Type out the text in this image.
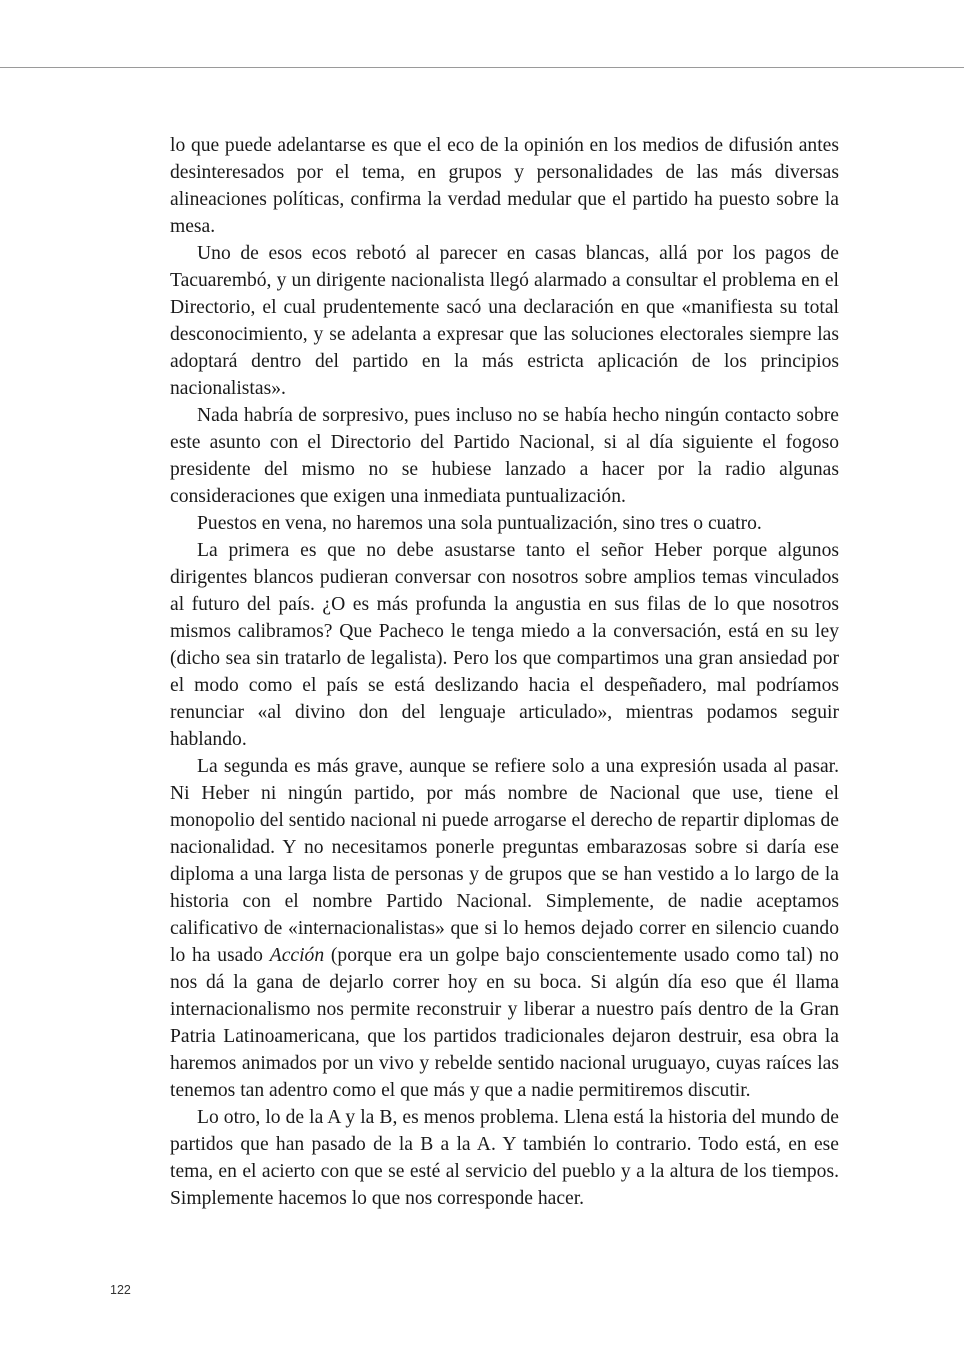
lo que puede adelantarse es que el eco de la opinión en los medios de difusión antes desinteresados por el tema, en grupos y personalidades de las más diversas alineaciones políticas, confirma la verdad medular que el partido ha puesto sobre la mesa.

Uno de esos ecos rebotó al parecer en casas blancas, allá por los pagos de Tacuarembó, y un dirigente nacionalista llegó alarmado a consultar el problema en el Directorio, el cual prudentemente sacó una declaración en que «manifiesta su total desconocimiento, y se adelanta a expresar que las soluciones electorales siempre las adoptará dentro del partido en la más estricta aplicación de los principios nacionalistas».

Nada habría de sorpresivo, pues incluso no se había hecho ningún contacto sobre este asunto con el Directorio del Partido Nacional, si al día siguiente el fogoso presidente del mismo no se hubiese lanzado a hacer por la radio algunas consideraciones que exigen una inmediata puntualización.

Puestos en vena, no haremos una sola puntualización, sino tres o cuatro.

La primera es que no debe asustarse tanto el señor Heber porque algunos dirigentes blancos pudieran conversar con nosotros sobre amplios temas vinculados al futuro del país. ¿O es más profunda la angustia en sus filas de lo que nosotros mismos calibramos? Que Pacheco le tenga miedo a la conversación, está en su ley (dicho sea sin tratarlo de legalista). Pero los que compartimos una gran ansiedad por el modo como el país se está deslizando hacia el despeñadero, mal podríamos renunciar «al divino don del lenguaje articulado», mientras podamos seguir hablando.

La segunda es más grave, aunque se refiere solo a una expresión usada al pasar. Ni Heber ni ningún partido, por más nombre de Nacional que use, tiene el monopolio del sentido nacional ni puede arrogarse el derecho de repartir diplomas de nacionalidad. Y no necesitamos ponerle preguntas embarazosas sobre si daría ese diploma a una larga lista de personas y de grupos que se han vestido a lo largo de la historia con el nombre Partido Nacional. Simplemente, de nadie aceptamos calificativo de «internacionalistas» que si lo hemos dejado correr en silencio cuando lo ha usado Acción (porque era un golpe bajo conscientemente usado como tal) no nos dá la gana de dejarlo correr hoy en su boca. Si algún día eso que él llama internacionalismo nos permite reconstruir y liberar a nuestro país dentro de la Gran Patria Latinoamericana, que los partidos tradicionales dejaron destruir, esa obra la haremos animados por un vivo y rebelde sentido nacional uruguayo, cuyas raíces las tenemos tan adentro como el que más y que a nadie permitiremos discutir.

Lo otro, lo de la A y la B, es menos problema. Llena está la historia del mundo de partidos que han pasado de la B a la A. Y también lo contrario. Todo está, en ese tema, en el acierto con que se esté al servicio del pueblo y a la altura de los tiempos. Simplemente hacemos lo que nos corresponde hacer.

122
